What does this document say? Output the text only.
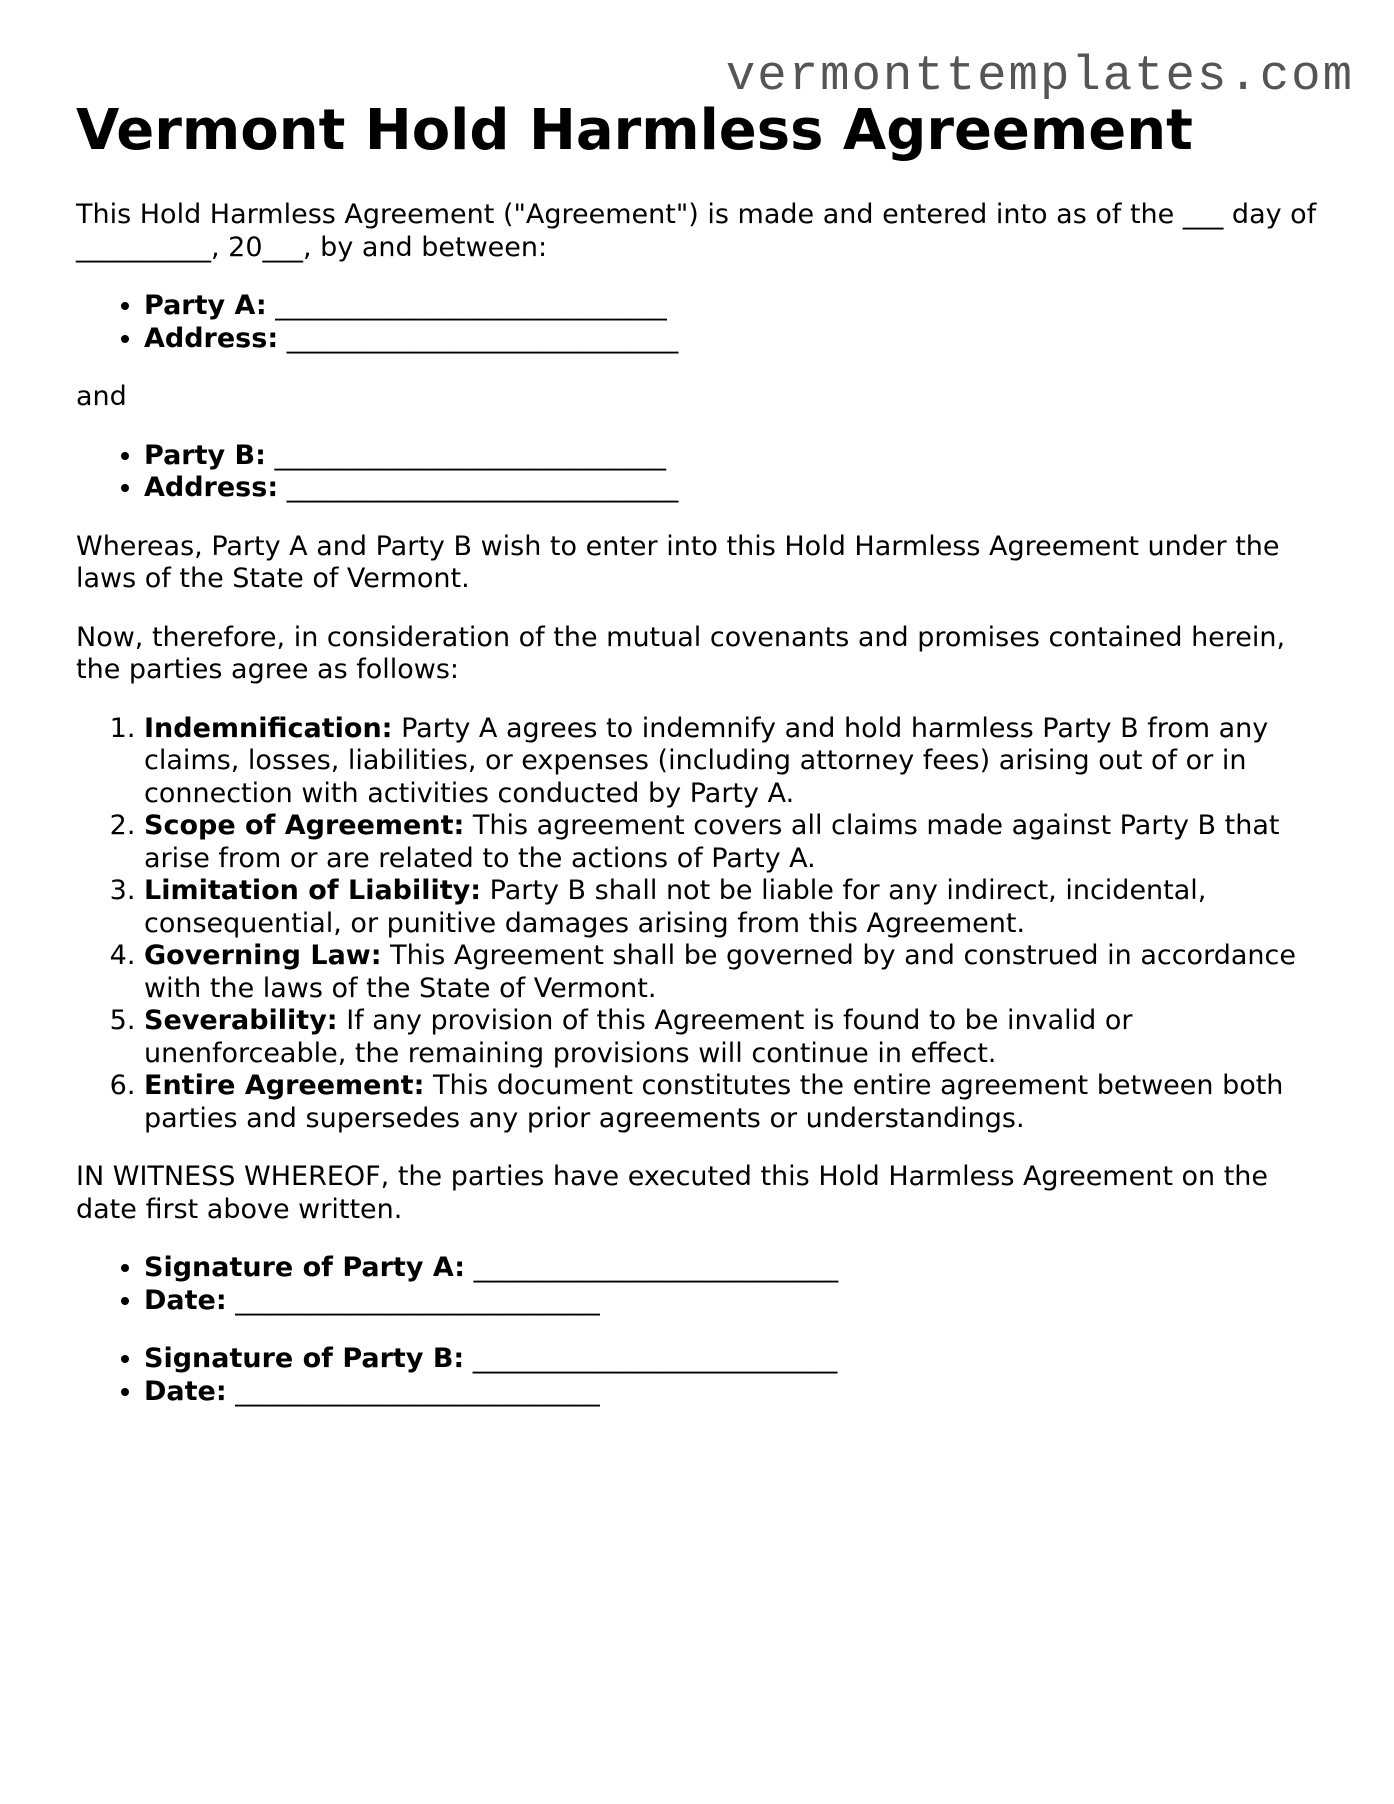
vermonttemplates.com
Vermont Hold Harmless Agreement

This Hold Harmless Agreement ("Agreement") is made and entered into as of the ___ day of __________, 20___, by and between:

• Party A: _____________________________
• Address: _____________________________

and

• Party B: _____________________________
• Address: _____________________________

Whereas, Party A and Party B wish to enter into this Hold Harmless Agreement under the laws of the State of Vermont.

Now, therefore, in consideration of the mutual covenants and promises contained herein, the parties agree as follows:

1. Indemnification: Party A agrees to indemnify and hold harmless Party B from any claims, losses, liabilities, or expenses (including attorney fees) arising out of or in connection with activities conducted by Party A.
2. Scope of Agreement: This agreement covers all claims made against Party B that arise from or are related to the actions of Party A.
3. Limitation of Liability: Party B shall not be liable for any indirect, incidental, consequential, or punitive damages arising from this Agreement.
4. Governing Law: This Agreement shall be governed by and construed in accordance with the laws of the State of Vermont.
5. Severability: If any provision of this Agreement is found to be invalid or unenforceable, the remaining provisions will continue in effect.
6. Entire Agreement: This document constitutes the entire agreement between both parties and supersedes any prior agreements or understandings.

IN WITNESS WHEREOF, the parties have executed this Hold Harmless Agreement on the date first above written.

• Signature of Party A: ___________________________
• Date: ___________________________
• Signature of Party B: ___________________________
• Date: ___________________________
